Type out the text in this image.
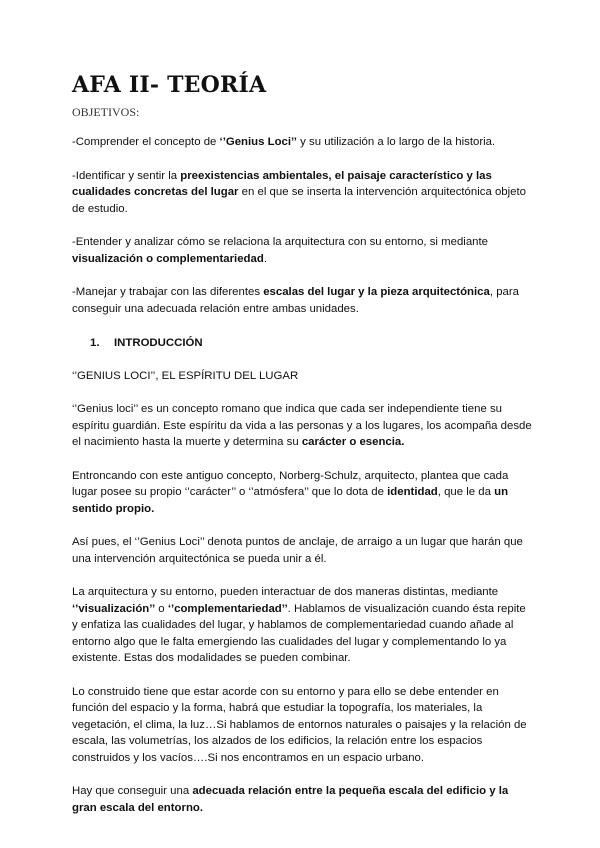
AFA II- TEORÍA
OBJETIVOS:

-Comprender el concepto de ‘’Genius Loci’’ y su utilización a lo largo de la historia.

-Identificar y sentir la preexistencias ambientales, el paisaje característico y las cualidades concretas del lugar en el que se inserta la intervención arquitectónica objeto de estudio.

-Entender y analizar cómo se relaciona la arquitectura con su entorno, si mediante visualización o complementariedad.

-Manejar y trabajar con las diferentes escalas del lugar y la pieza arquitectónica, para conseguir una adecuada relación entre ambas unidades.

1. INTRODUCCIÓN
‘’GENIUS LOCI’’, EL ESPÍRITU DEL LUGAR

‘’Genius loci’’ es un concepto romano que indica que cada ser independiente tiene su espíritu guardián. Este espíritu da vida a las personas y a los lugares, los acompaña desde el nacimiento hasta la muerte y determina su carácter o esencia.

Entroncando con este antiguo concepto, Norberg-Schulz, arquitecto, plantea que cada lugar posee su propio ‘’carácter’’ o ‘’atmósfera’’ que lo dota de identidad, que le da un sentido propio.

Así pues, el ‘’Genius Loci’’ denota puntos de anclaje, de arraigo a un lugar que harán que una intervención arquitectónica se pueda unir a él.

La arquitectura y su entorno, pueden interactuar de dos maneras distintas, mediante ‘’visualización’’ o ‘’complementariedad’’. Hablamos de visualización cuando ésta repite y enfatiza las cualidades del lugar, y hablamos de complementariedad cuando añade al entorno algo que le falta emergiendo las cualidades del lugar y complementando lo ya existente. Estas dos modalidades se pueden combinar.

Lo construido tiene que estar acorde con su entorno y para ello se debe entender en función del espacio y la forma, habrá que estudiar la topografía, los materiales, la vegetación, el clima, la luz…Si hablamos de entornos naturales o paisajes y la relación de escala, las volumetrías, los alzados de los edificios, la relación entre los espacios construidos y los vacíos….Si nos encontramos en un espacio urbano.

Hay que conseguir una adecuada relación entre la pequeña escala del edificio y la gran escala del entorno.
